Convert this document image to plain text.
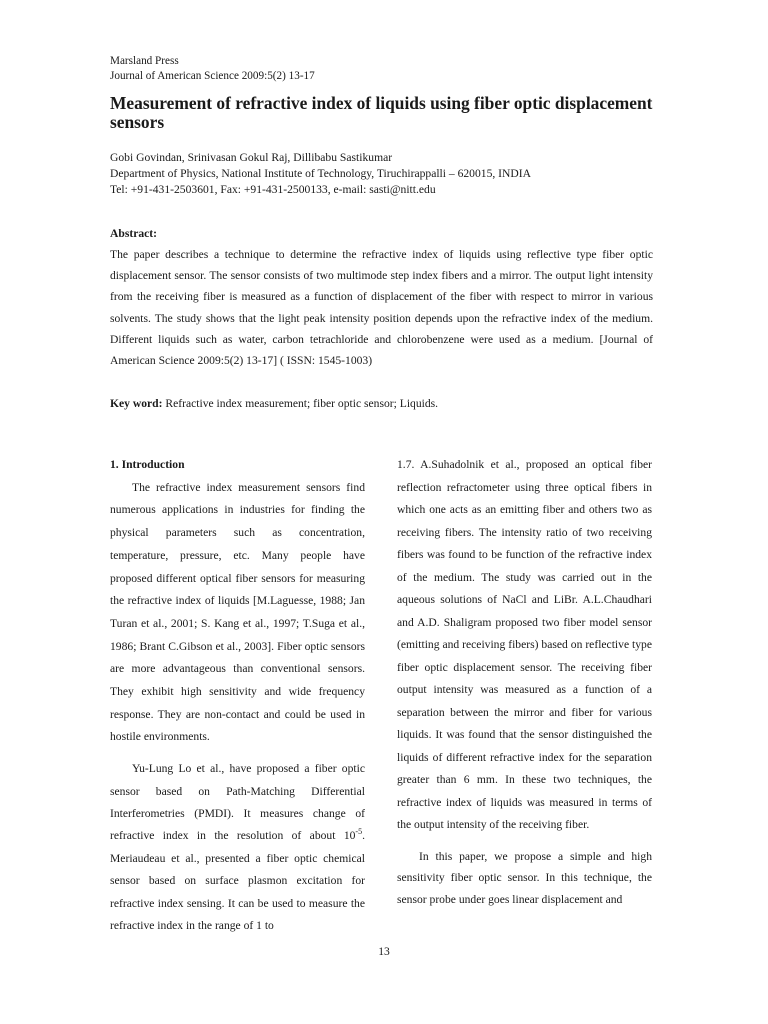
Marsland Press
Journal of American Science 2009:5(2) 13-17
Measurement of refractive index of liquids using fiber optic displacement sensors
Gobi Govindan, Srinivasan Gokul Raj, Dillibabu Sastikumar
Department of Physics, National Institute of Technology, Tiruchirappalli – 620015, INDIA
Tel: +91-431-2503601, Fax: +91-431-2500133, e-mail: sasti@nitt.edu
Abstract:

The paper describes a technique to determine the refractive index of liquids using reflective type fiber optic displacement sensor. The sensor consists of two multimode step index fibers and a mirror. The output light intensity from the receiving fiber is measured as a function of displacement of the fiber with respect to mirror in various solvents. The study shows that the light peak intensity position depends upon the refractive index of the medium. Different liquids such as water, carbon tetrachloride and chlorobenzene were used as a medium. [Journal of American Science 2009:5(2) 13-17] ( ISSN: 1545-1003)

Key word: Refractive index measurement; fiber optic sensor; Liquids.
1. Introduction

The refractive index measurement sensors find numerous applications in industries for finding the physical parameters such as concentration, temperature, pressure, etc. Many people have proposed different optical fiber sensors for measuring the refractive index of liquids [M.Laguesse, 1988; Jan Turan et al., 2001; S. Kang et al., 1997; T.Suga et al., 1986; Brant C.Gibson et al., 2003]. Fiber optic sensors are more advantageous than conventional sensors. They exhibit high sensitivity and wide frequency response. They are non-contact and could be used in hostile environments.

Yu-Lung Lo et al., have proposed a fiber optic sensor based on Path-Matching Differential Interferometries (PMDI). It measures change of refractive index in the resolution of about $10^{-5}$. Meriaudeau et al., presented a fiber optic chemical sensor based on surface plasmon excitation for refractive index sensing. It can be used to measure the refractive index in the range of 1 to

1.7. A.Suhadolnik et al., proposed an optical fiber reflection refractometer using three optical fibers in which one acts as an emitting fiber and others two as receiving fibers. The intensity ratio of two receiving fibers was found to be function of the refractive index of the medium. The study was carried out in the aqueous solutions of NaCl and LiBr. A.L.Chaudhari and A.D. Shaligram proposed two fiber model sensor (emitting and receiving fibers) based on reflective type fiber optic displacement sensor. The receiving fiber output intensity was measured as a function of a separation between the mirror and fiber for various liquids. It was found that the sensor distinguished the liquids of different refractive index for the separation greater than 6 mm. In these two techniques, the refractive index of liquids was measured in terms of the output intensity of the receiving fiber.

In this paper, we propose a simple and high sensitivity fiber optic sensor. In this technique, the sensor probe under goes linear displacement and

13
